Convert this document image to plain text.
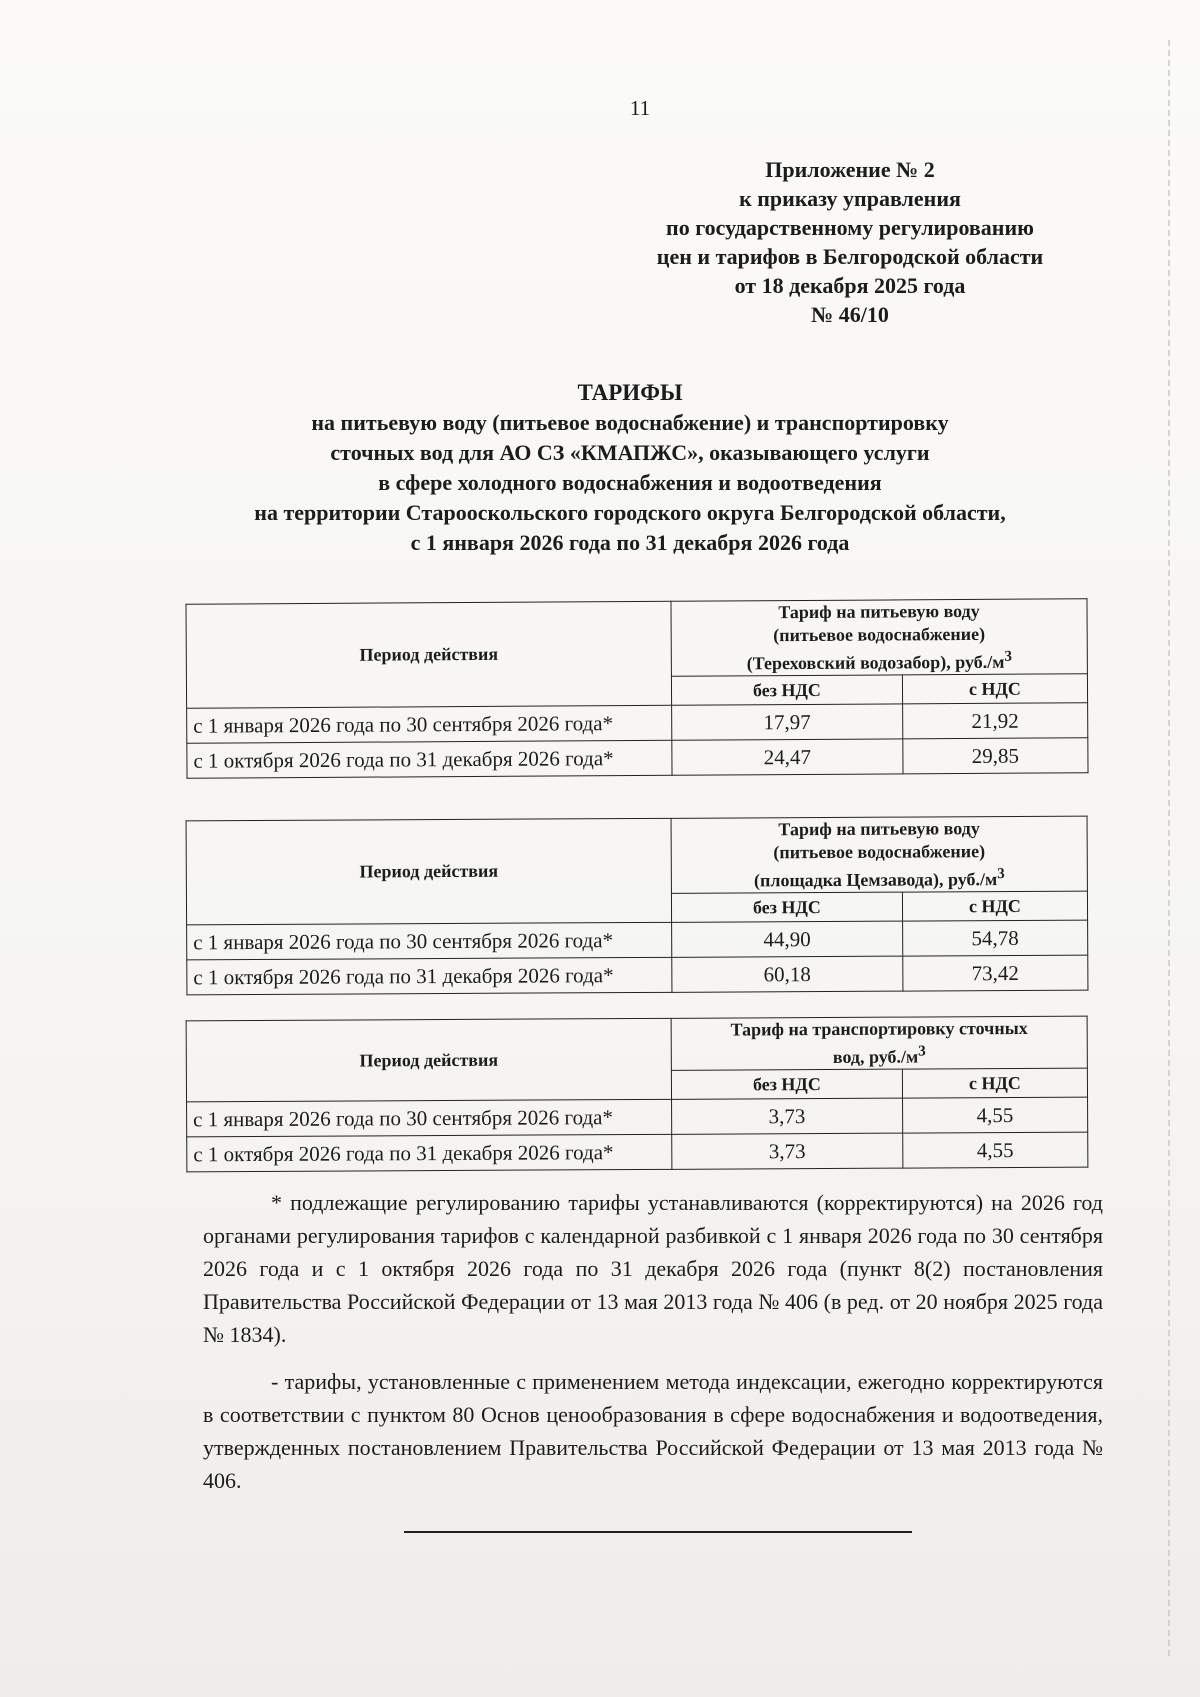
11
Приложение № 2
к приказу управления
по государственному регулированию
цен и тарифов в Белгородской области
от 18 декабря 2025 года
№ 46/10
ТАРИФЫ
на питьевую воду (питьевое водоснабжение) и транспортировку
сточных вод для АО СЗ «КМАПЖС», оказывающего услуги
в сфере холодного водоснабжения и водоотведения
на территории Старооскольского городского округа Белгородской области,
с 1 января 2026 года по 31 декабря 2026 года
Период действия	Тариф на питьевую воду
(питьевое водоснабжение)
(Тереховский водозабор), $руб./м^3$

	без НДС	с НДС
с 1 января 2026 года по 30 сентября 2026 года*	17,97	21,92
с 1 октября 2026 года по 31 декабря 2026 года*	24,47	29,85
Период действия	Тариф на питьевую воду
(питьевое водоснабжение)
(площадка Цемзавода), $руб./м^3$

	без НДС	с НДС
с 1 января 2026 года по 30 сентября 2026 года*	44,90	54,78
с 1 октября 2026 года по 31 декабря 2026 года*	60,18	73,42
Период действия	Тариф на транспортировку сточных
вод, $руб./м^3$

	без НДС	с НДС
с 1 января 2026 года по 30 сентября 2026 года*	3,73	4,55
с 1 октября 2026 года по 31 декабря 2026 года*	3,73	4,55
* подлежащие регулированию тарифы устанавливаются (корректируются) на 2026 год органами регулирования тарифов с календарной разбивкой с 1 января 2026 года по 30 сентября 2026 года и с 1 октября 2026 года по 31 декабря 2026 года (пункт 8(2) постановления Правительства Российской Федерации от 13 мая 2013 года № 406 (в ред. от 20 ноября 2025 года № 1834).
- тарифы, установленные с применением метода индексации, ежегодно корректируются в соответствии с пунктом 80 Основ ценообразования в сфере водоснабжения и водоотведения, утвержденных постановлением Правительства Российской Федерации от 13 мая 2013 года № 406.
